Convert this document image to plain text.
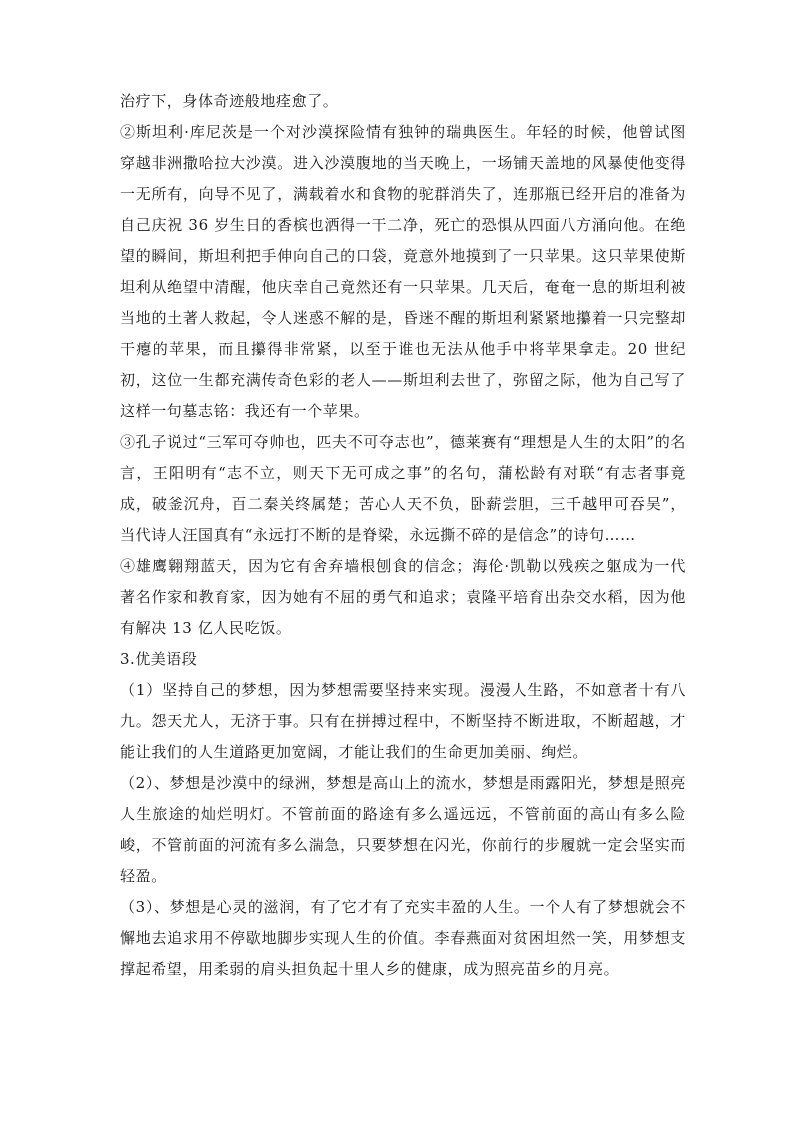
治疗下，身体奇迹般地痊愈了。

②斯坦利·库尼茨是一个对沙漠探险情有独钟的瑞典医生。年轻的时候，他曾试图穿越非洲撒哈拉大沙漠。进入沙漠腹地的当天晚上，一场铺天盖地的风暴使他变得一无所有，向导不见了，满载着水和食物的驼群消失了，连那瓶已经开启的准备为自己庆祝 36 岁生日的香槟也洒得一干二净，死亡的恐惧从四面八方涌向他。在绝望的瞬间，斯坦利把手伸向自己的口袋，竟意外地摸到了一只苹果。这只苹果使斯坦利从绝望中清醒，他庆幸自己竟然还有一只苹果。几天后，奄奄一息的斯坦利被当地的土著人救起，令人迷惑不解的是，昏迷不醒的斯坦利紧紧地攥着一只完整却干瘪的苹果，而且攥得非常紧，以至于谁也无法从他手中将苹果拿走。20 世纪初，这位一生都充满传奇色彩的老人——斯坦利去世了，弥留之际，他为自己写了这样一句墓志铭：我还有一个苹果。

③孔子说过“三军可夺帅也，匹夫不可夺志也”，德莱赛有“理想是人生的太阳”的名言，王阳明有“志不立，则天下无可成之事”的名句，蒲松龄有对联“有志者事竟成，破釜沉舟，百二秦关终属楚；苦心人天不负，卧薪尝胆，三千越甲可吞吴”，当代诗人汪国真有“永远打不断的是脊梁，永远撕不碎的是信念”的诗句……

④雄鹰翱翔蓝天，因为它有舍弃墙根刨食的信念；海伦·凯勒以残疾之躯成为一代著名作家和教育家，因为她有不屈的勇气和追求；袁隆平培育出杂交水稻，因为他有解决 13 亿人民吃饭。

3.优美语段

（1）坚持自己的梦想，因为梦想需要坚持来实现。漫漫人生路，不如意者十有八九。怨天尤人，无济于事。只有在拼搏过程中，不断坚持不断进取，不断超越，才能让我们的人生道路更加宽阔，才能让我们的生命更加美丽、绚烂。

（2）、梦想是沙漠中的绿洲，梦想是高山上的流水，梦想是雨露阳光，梦想是照亮人生旅途的灿烂明灯。不管前面的路途有多么遥远远，不管前面的高山有多么险峻，不管前面的河流有多么湍急，只要梦想在闪光，你前行的步履就一定会坚实而轻盈。

（3）、梦想是心灵的滋润，有了它才有了充实丰盈的人生。一个人有了梦想就会不懈地去追求用不停歇地脚步实现人生的价值。李春燕面对贫困坦然一笑，用梦想支撑起希望，用柔弱的肩头担负起十里人乡的健康，成为照亮苗乡的月亮。
